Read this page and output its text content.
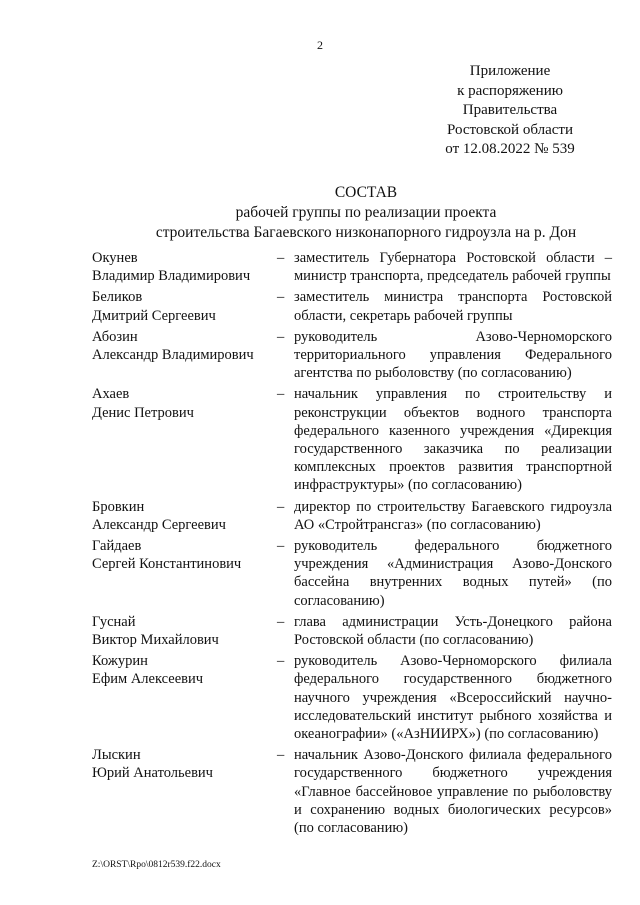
2
Приложение
к распоряжению
Правительства
Ростовской области
от 12.08.2022 № 539
СОСТАВ
рабочей группы по реализации проекта
строительства Багаевского низконапорного гидроузла на р. Дон
Окунев
Владимир Владимирович
– заместитель Губернатора Ростовской области – министр транспорта, председатель рабочей группы
Беликов
Дмитрий Сергеевич
– заместитель министра транспорта Ростовской области, секретарь рабочей группы
Абозин
Александр Владимирович
– руководитель Азово-Черноморского территориального управления Федерального агентства по рыболовству (по согласованию)
Ахаев
Денис Петрович
– начальник управления по строительству и реконструкции объектов водного транспорта федерального казенного учреждения «Дирекция государственного заказчика по реализации комплексных проектов развития транспортной инфраструктуры» (по согласованию)
Бровкин
Александр Сергеевич
– директор по строительству Багаевского гидроузла АО «Стройтрансгаз» (по согласованию)
Гайдаев
Сергей Константинович
– руководитель федерального бюджетного учреждения «Администрация Азово-Донского бассейна внутренних водных путей» (по согласованию)
Гуснай
Виктор Михайлович
– глава администрации Усть-Донецкого района Ростовской области (по согласованию)
Кожурин
Ефим Алексеевич
– руководитель Азово-Черноморского филиала федерального государственного бюджетного научного учреждения «Всероссийский научно-исследовательский институт рыбного хозяйства и океанографии» («АзНИИРХ») (по согласованию)
Лыскин
Юрий Анатольевич
– начальник Азово-Донского филиала федерального государственного бюджетного учреждения «Главное бассейновое управление по рыболовству и сохранению водных биологических ресурсов» (по согласованию)
Z:\ORST\Rpo\0812r539.f22.docx
